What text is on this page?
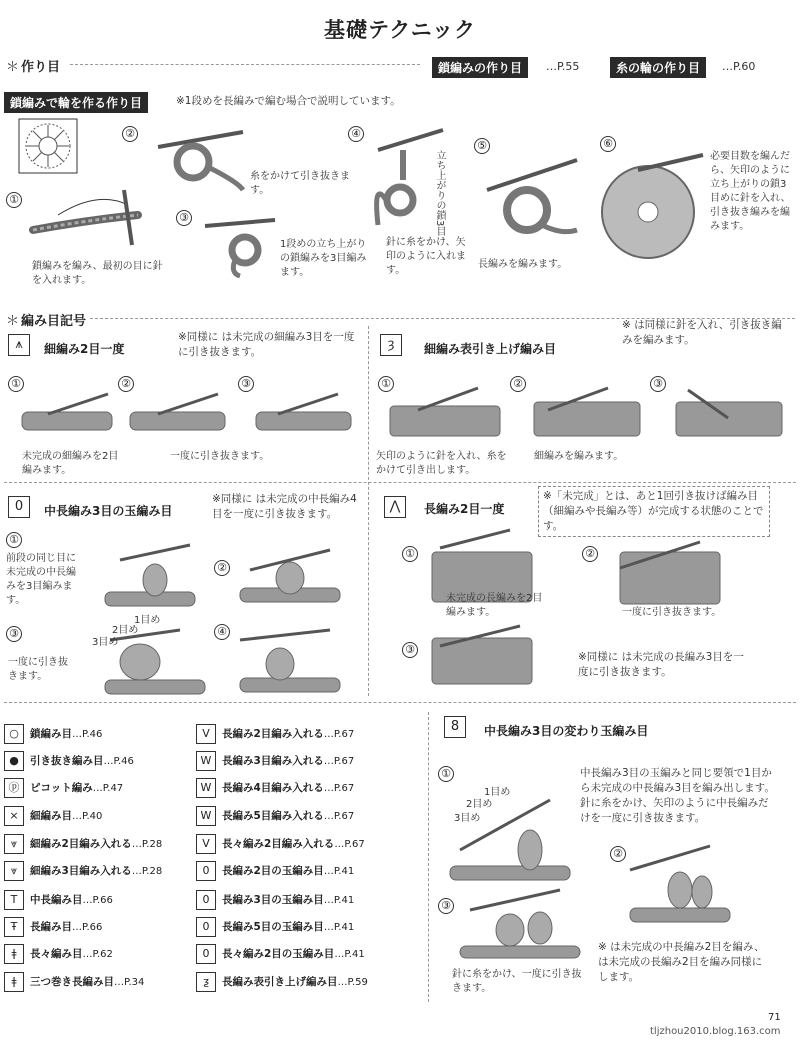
基礎テクニック
＊ 作り目	鎖編みの作り目	…P.55	糸の輪の作り目	…P.60
鎖編みで輪を作る作り目	※1段めを長編みで編む場合で説明しています。
①
鎖編みを編み、最初の目に針を入れます。
②
糸をかけて引き抜きます。
③
1段めの立ち上がりの鎖編みを3目編みます。
④
立ち上がりの鎖3目
針に糸をかけ、矢印のように入れます。
⑤
長編みを編みます。
⑥
必要目数を編んだら、矢印のように立ち上がりの鎖3目めに針を入れ、引き抜き編みを編みます。
＊ 編み目記号
⩚	細編み2目一度
※同様に は未完成の細編み3目を一度に引き抜きます。
①	②	③
未完成の細編みを2目編みます。
一度に引き抜きます。
ȝ	細編み表引き上げ編み目
※ は同様に針を入れ、引き抜き編みを編みます。
①	②	③
矢印のように針を入れ、糸をかけて引き出します。
細編みを編みます。
0	中長編み3目の玉編み目
※同様に は未完成の中長編み4目を一度に引き抜きます。
①
前段の同じ目に未完成の中長編みを3目編みます。
②
③
一度に引き抜きます。
④
1目め
2目め
3目め
⋀	長編み2目一度
※「未完成」とは、あと1回引き抜けば編み目（細編みや長編み等）が完成する状態のことです。
①	②
③
未完成の長編みを2目編みます。	一度に引き抜きます。
※同様に は未完成の長編み3目を一度に引き抜きます。
○ 鎖編み目…P.46
● 引き抜き編み目…P.46
ⓟ ピコット編み…P.47
× 細編み目…P.40
⩔ 細編み2目編み入れる…P.28
⩔ 細編み3目編み入れる…P.28
T 中長編み目…P.66
Ŧ 長編み目…P.66
ǂ 長々編み目…P.62
ǂ 三つ巻き長編み目…P.34
V 長編み2目編み入れる…P.67
W 長編み3目編み入れる…P.67
W 長編み4目編み入れる…P.67
W 長編み5目編み入れる…P.67
V 長々編み2目編み入れる…P.67
0 長編み2目の玉編み目…P.41
0 長編み3目の玉編み目…P.41
0 長編み5目の玉編み目…P.41
0 長々編み2目の玉編み目…P.41
ƺ 長編み表引き上げ編み目…P.59
8	中長編み3目の変わり玉編み目
①	中長編み3目の玉編みと同じ要領で1目から未完成の中長編み3目を編み出します。針に糸をかけ、矢印のように中長編みだけを一度に引き抜きます。
②
③
1目め
2目め
3目め
針に糸をかけ、一度に引き抜きます。
※ は未完成の中長編み2目を編み、 は未完成の長編み2目を編み同様にします。
71
tljzhou2010.blog.163.com
